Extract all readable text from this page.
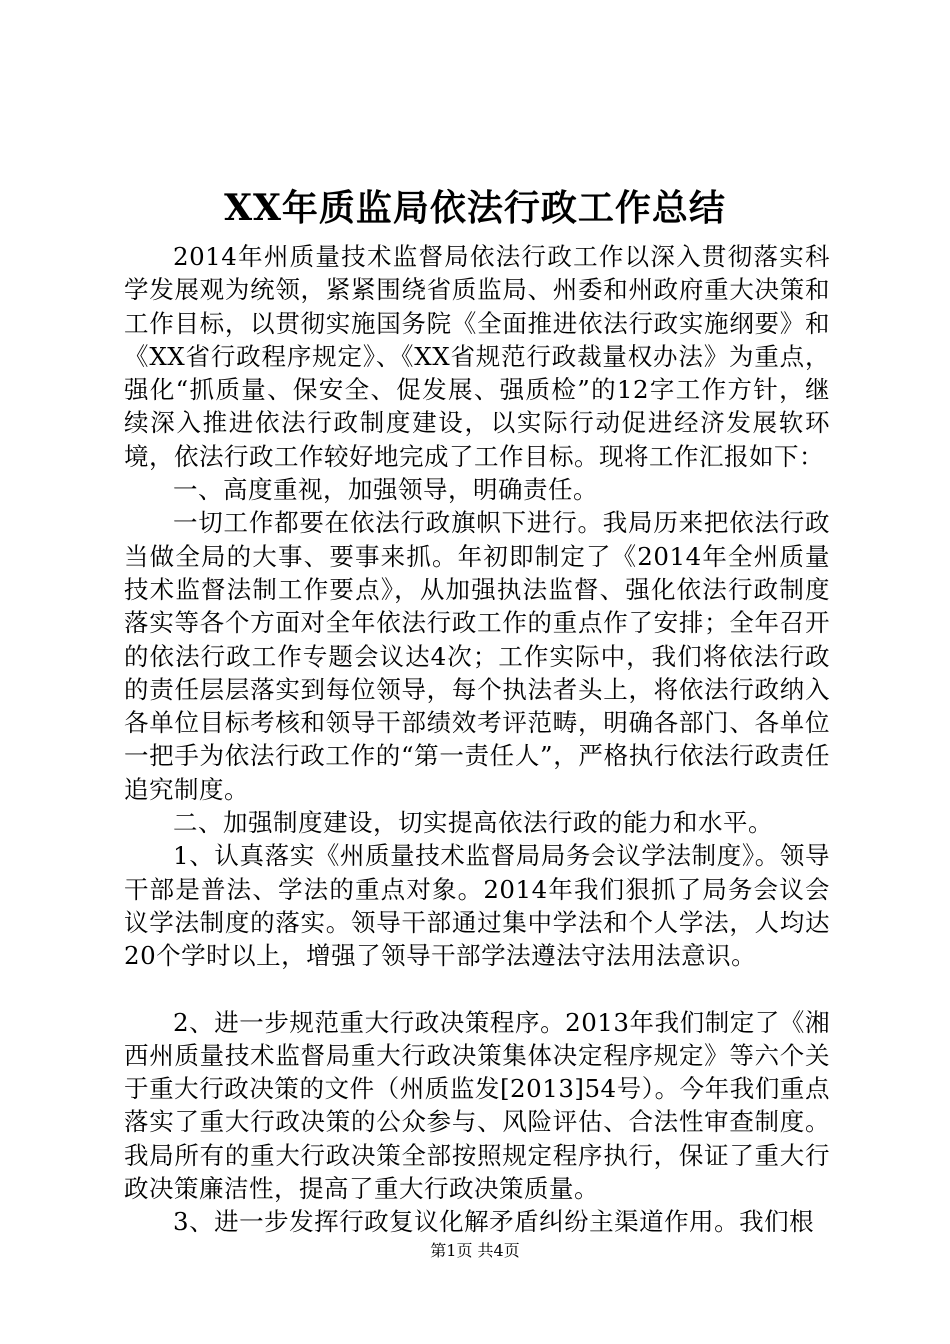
XX年质监局依法行政工作总结

2014年州质量技术监督局依法行政工作以深入贯彻落实科学发展观为统领，紧紧围绕省质监局、州委和州政府重大决策和工作目标，以贯彻实施国务院《全面推进依法行政实施纲要》和《XX省行政程序规定》、《XX省规范行政裁量权办法》为重点，强化“抓质量、保安全、促发展、强质检”的12字工作方针，继续深入推进依法行政制度建设，以实际行动促进经济发展软环境，依法行政工作较好地完成了工作目标。现将工作汇报如下：

一、高度重视，加强领导，明确责任。

一切工作都要在依法行政旗帜下进行。我局历来把依法行政当做全局的大事、要事来抓。年初即制定了《2014年全州质量技术监督法制工作要点》，从加强执法监督、强化依法行政制度落实等各个方面对全年依法行政工作的重点作了安排；全年召开的依法行政工作专题会议达4次；工作实际中，我们将依法行政的责任层层落实到每位领导，每个执法者头上，将依法行政纳入各单位目标考核和领导干部绩效考评范畴，明确各部门、各单位一把手为依法行政工作的“第一责任人”，严格执行依法行政责任追究制度。

二、加强制度建设，切实提高依法行政的能力和水平。

1、认真落实《州质量技术监督局局务会议学法制度》。领导干部是普法、学法的重点对象。2014年我们狠抓了局务会议会议学法制度的落实。领导干部通过集中学法和个人学法，人均达20个学时以上，增强了领导干部学法遵法守法用法意识。

2、进一步规范重大行政决策程序。2013年我们制定了《湘西州质量技术监督局重大行政决策集体决定程序规定》等六个关于重大行政决策的文件（州质监发[2013]54号）。今年我们重点落实了重大行政决策的公众参与、风险评估、合法性审查制度。我局所有的重大行政决策全部按照规定程序执行，保证了重大行政决策廉洁性，提高了重大行政决策质量。

3、进一步发挥行政复议化解矛盾纠纷主渠道作用。我们根

第1页 共4页
